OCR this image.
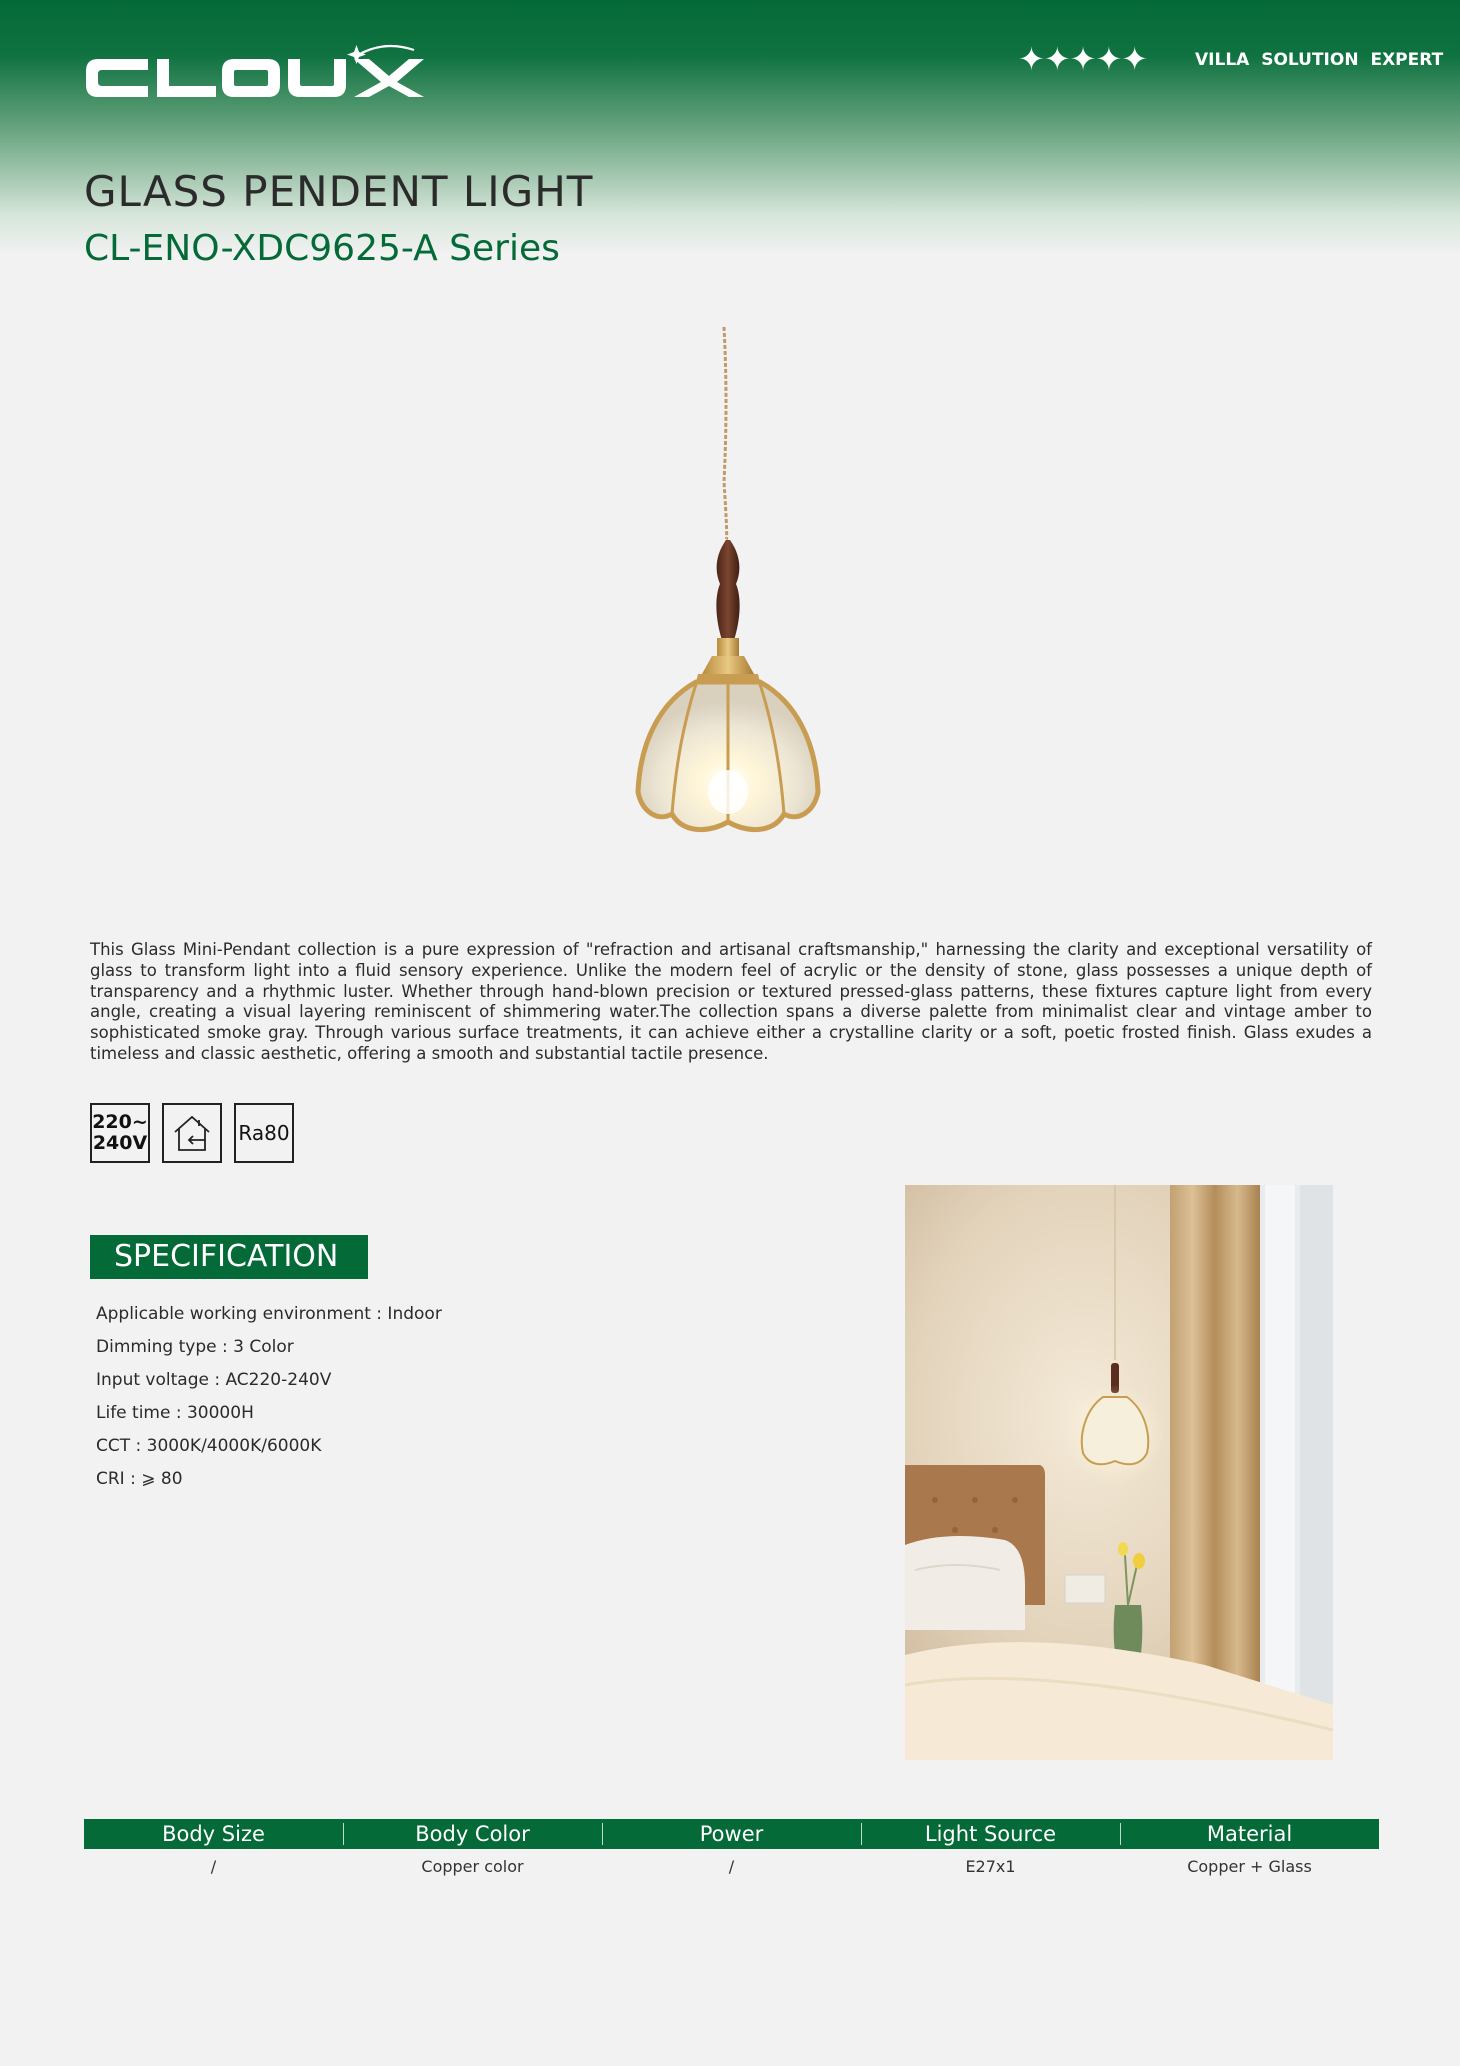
✦✦✦✦✦	VILLA SOLUTION EXPERT
GLASS PENDENT LIGHT
CL-ENO-XDC9625-A Series

This Glass Mini-Pendant collection is a pure expression of "refraction and artisanal craftsmanship," harnessing the clarity and exceptional versatility of glass to transform light into a fluid sensory experience. Unlike the modern feel of acrylic or the density of stone, glass possesses a unique depth of transparency and a rhythmic luster. Whether through hand-blown precision or textured pressed-glass patterns, these fixtures capture light from every angle, creating a visual layering reminiscent of shimmering water.The collection spans a diverse palette from minimalist clear and vintage amber to sophisticated smoke gray. Through various surface treatments, it can achieve either a crystalline clarity or a soft, poetic frosted finish. Glass exudes a timeless and classic aesthetic, offering a smooth and substantial tactile presence.

220~
240V	Ra80
SPECIFICATION
Applicable working environment : Indoor
Dimming type : 3 Color
Input voltage : AC220-240V
Life time : 30000H
CCT : 3000K/4000K/6000K
CRI : ⩾ 80
Body Size	Body Color	Power	Light Source	Material
/	Copper color	/	E27x1	Copper + Glass
